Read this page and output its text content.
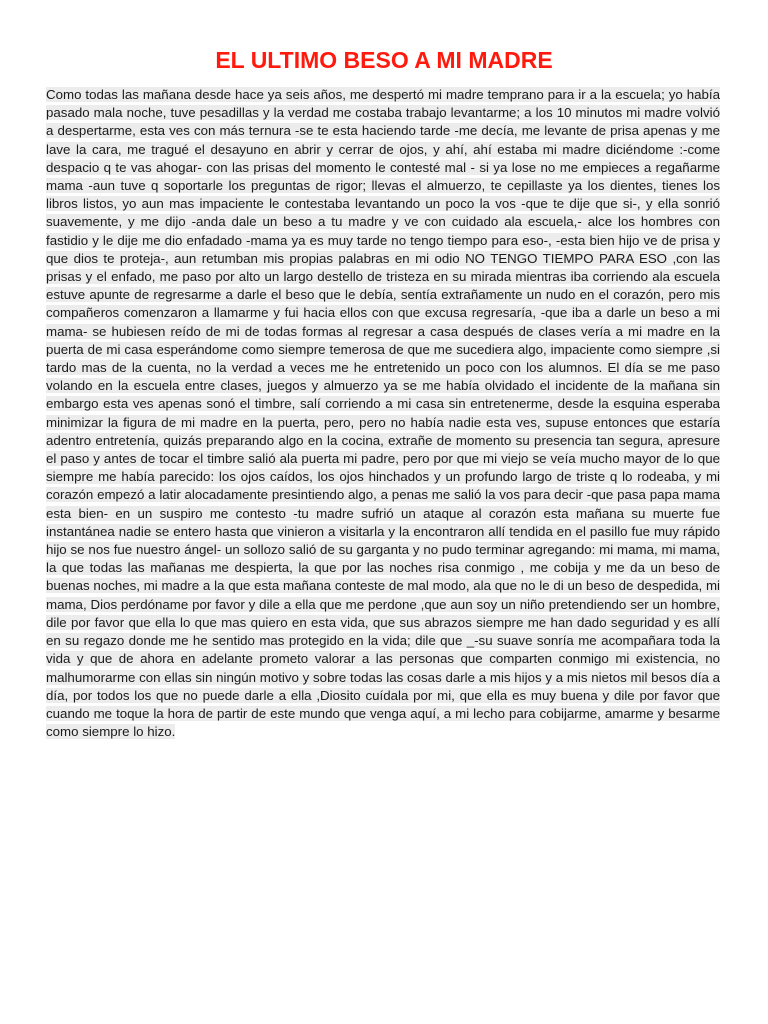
EL ULTIMO BESO A MI MADRE

Como todas las mañana desde hace ya seis años, me despertó mi madre temprano para ir a la escuela; yo había pasado mala noche, tuve pesadillas y la verdad me costaba trabajo levantarme; a los 10 minutos mi madre volvió a despertarme, esta ves con más ternura -se te esta haciendo tarde -me decía, me levante de prisa apenas y me lave la cara, me tragué el desayuno en abrir y cerrar de ojos, y ahí, ahí estaba mi madre diciéndome :-come despacio q te vas ahogar- con las prisas del momento le contesté mal - si ya lose no me empieces a regañarme mama -aun tuve q soportarle los preguntas de rigor; llevas el almuerzo, te cepillaste ya los dientes, tienes los libros listos, yo aun mas impaciente le contestaba levantando un poco la vos -que te dije que si-, y ella sonrió suavemente, y me dijo -anda dale un beso a tu madre y ve con cuidado ala escuela,- alce los hombres con fastidio y le dije me dio enfadado -mama ya es muy tarde no tengo tiempo para eso-, -esta bien hijo ve de prisa y que dios te proteja-, aun retumban mis propias palabras en mi odio NO TENGO TIEMPO PARA ESO ,con las prisas y el enfado, me paso por alto un largo destello de tristeza en su mirada mientras iba corriendo ala escuela estuve apunte de regresarme a darle el beso que le debía, sentía extrañamente un nudo en el corazón, pero mis compañeros comenzaron a llamarme y fui hacia ellos con que excusa regresaría, -que iba a darle un beso a mi mama- se hubiesen reído de mi de todas formas al regresar a casa después de clases vería a mi madre en la puerta de mi casa esperándome como siempre temerosa de que me sucediera algo, impaciente como siempre ,si tardo mas de la cuenta, no la verdad a veces me he entretenido un poco con los alumnos. El día se me paso volando en la escuela entre clases, juegos y almuerzo ya se me había olvidado el incidente de la mañana sin embargo esta ves apenas sonó el timbre, salí corriendo a mi casa sin entretenerme, desde la esquina esperaba minimizar la figura de mi madre en la puerta, pero, pero no había nadie esta ves, supuse entonces que estaría adentro entretenía, quizás preparando algo en la cocina, extrañe de momento su presencia tan segura, apresure el paso y antes de tocar el timbre salió ala puerta mi padre, pero por que mi viejo se veía mucho mayor de lo que siempre me había parecido: los ojos caídos, los ojos hinchados y un profundo largo de triste q lo rodeaba, y mi corazón empezó a latir alocadamente presintiendo algo, a penas me salió la vos para decir -que pasa papa mama esta bien- en un suspiro me contesto -tu madre sufrió un ataque al corazón esta mañana su muerte fue instantánea nadie se entero hasta que vinieron a visitarla y la encontraron allí tendida en el pasillo fue muy rápido hijo se nos fue nuestro ángel- un sollozo salió de su garganta y no pudo terminar agregando: mi mama, mi mama, la que todas las mañanas me despierta, la que por las noches risa conmigo , me cobija y me da un beso de buenas noches, mi madre a la que esta mañana conteste de mal modo, ala que no le di un beso de despedida, mi mama, Dios perdóname por favor y dile a ella que me perdone ,que aun soy un niño pretendiendo ser un hombre, dile por favor que ella lo que mas quiero en esta vida, que sus abrazos siempre me han dado seguridad y es allí en su regazo donde me he sentido mas protegido en la vida; dile que _-su suave sonría me acompañara toda la vida y que de ahora en adelante prometo valorar a las personas que comparten conmigo mi existencia, no malhumorarme con ellas sin ningún motivo y sobre todas las cosas darle a mis hijos y a mis nietos mil besos día a día, por todos los que no puede darle a ella ,Diosito cuídala por mi, que ella es muy buena y dile por favor que cuando me toque la hora de partir de este mundo que venga aquí, a mi lecho para cobijarme, amarme y besarme como siempre lo hizo.
